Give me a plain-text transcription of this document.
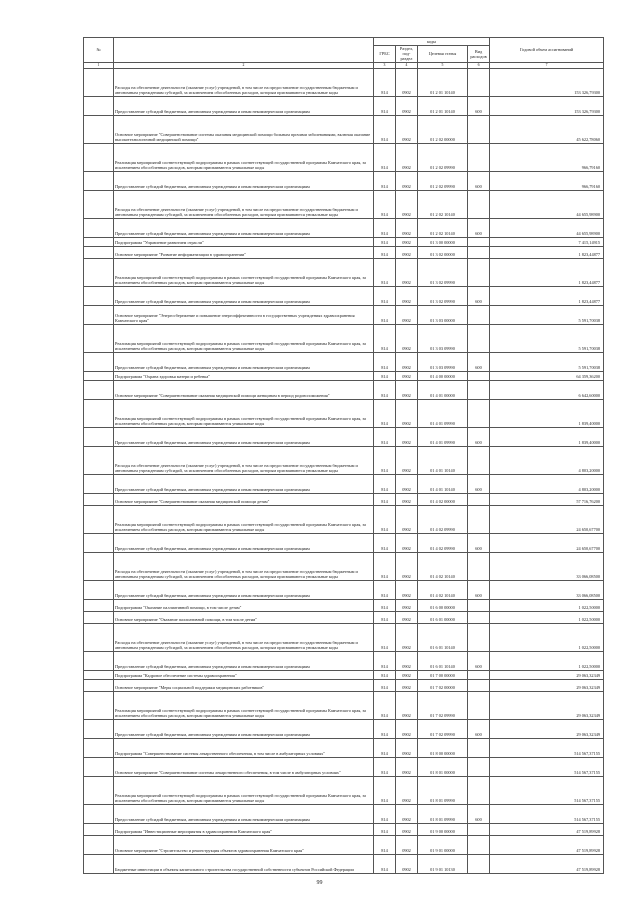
№		коды				Годовой объем ассигнований
		ГРБС	Раздел, под-раздел	Целевая статья	Вид расходов	
1	2	3	4	5	6	7
	Расходы на обеспечение деятельности (оказание услуг) учреждений, в том числе на предоставление государственным бюджетным и автономным учреждениям субсидий, за исключением обособленных расходов, которым присваиваются уникальные коды	814	0902	01 2 01 10140		153 326,79300
	Предоставление субсидий бюджетным, автономным учреждениям и иным некоммерческим организациям	814	0902	01 2 01 10140	600	153 326,79300
	Основное мероприятие "Совершенствование системы оказания медицинской помощи больным прочими заболеваниями, включая оказание высокотехнологичной медицинской помощи"	814	0902	01 2 02 00000		45 622,78060
	Реализация мероприятий соответствующей подпрограммы в рамках соответствующей государственной программы Камчатского края, за исключением обособленных расходов, которым присваиваются уникальные коды	814	0902	01 2 02 09990		966,79160
	Предоставление субсидий бюджетным, автономным учреждениям и иным некоммерческим организациям	814	0902	01 2 02 09990	600	966,79160
	Расходы на обеспечение деятельности (оказание услуг) учреждений, в том числе на предоставление государственным бюджетным и автономным учреждениям субсидий, за исключением обособленных расходов, которым присваиваются уникальные коды	814	0902	01 2 02 10140		44 655,98900
	Предоставление субсидий бюджетным, автономным учреждениям и иным некоммерческим организациям	814	0902	01 2 02 10140	600	44 655,98900
	Подпрограмма "Управление развитием отрасли"	814	0902	01 3 00 00000		7 415,14915
	Основное мероприятие "Развитие информатизации в здравоохранении"	814	0902	01 3 02 00000		1 823,44877
	Реализация мероприятий соответствующей подпрограммы в рамках соответствующей государственной программы Камчатского края, за исключением обособленных расходов, которым присваиваются уникальные коды	814	0902	01 3 02 09990		1 823,44877
	Предоставление субсидий бюджетным, автономным учреждениям и иным некоммерческим организациям	814	0902	01 3 02 09990	600	1 823,44877
	Основное мероприятие "Энергосбережение и повышение энергоэффективности в государственных учреждениях здравоохранения Камчатского края"	814	0902	01 3 03 00000		5 591,70038
	Реализация мероприятий соответствующей подпрограммы в рамках соответствующей государственной программы Камчатского края, за исключением обособленных расходов, которым присваиваются уникальные коды	814	0902	01 3 03 09990		5 591,70038
	Предоставление субсидий бюджетным, автономным учреждениям и иным некоммерческим организациям	814	0902	01 3 03 09990	600	5 591,70038
	Подпрограмма "Охрана здоровья матери и ребенка"	814	0902	01 4 00 00000		64 359,36200
	Основное мероприятие "Совершенствование оказания медицинской помощи женщинам в период родовспоможения"	814	0902	01 4 01 00000		6 642,60000
	Реализация мероприятий соответствующей подпрограммы в рамках соответствующей государственной программы Камчатского края, за исключением обособленных расходов, которым присваиваются уникальные коды	814	0902	01 4 01 09990		1 839,40000
	Предоставление субсидий бюджетным, автономным учреждениям и иным некоммерческим организациям	814	0902	01 4 01 09990	600	1 839,40000
	Расходы на обеспечение деятельности (оказание услуг) учреждений, в том числе на предоставление государственным бюджетным и автономным учреждениям субсидий, за исключением обособленных расходов, которым присваиваются уникальные коды	814	0902	01 4 01 10140		4 803,20000
	Предоставление субсидий бюджетным, автономным учреждениям и иным некоммерческим организациям	814	0902	01 4 01 10140	600	4 803,20000
	Основное мероприятие "Совершенствование оказания медицинской помощи детям"	814	0902	01 4 02 00000		57 716,76200
	Реализация мероприятий соответствующей подпрограммы в рамках соответствующей государственной программы Камчатского края, за исключением обособленных расходов, которым присваиваются уникальные коды	814	0902	01 4 02 09990		24 650,67700
	Предоставление субсидий бюджетным, автономным учреждениям и иным некоммерческим организациям	814	0902	01 4 02 09990	600	24 650,67700
	Расходы на обеспечение деятельности (оказание услуг) учреждений, в том числе на предоставление государственным бюджетным и автономным учреждениям субсидий, за исключением обособленных расходов, которым присваиваются уникальные коды	814	0902	01 4 02 10140		33 066,08500
	Предоставление субсидий бюджетным, автономным учреждениям и иным некоммерческим организациям	814	0902	01 4 02 10140	600	33 066,08500
	Подпрограмма "Оказание паллиативной помощи, в том числе детям"	814	0902	01 6 00 00000		1 022,50000
	Основное мероприятие "Оказание паллиативной помощи, в том числе детям"	814	0902	01 6 01 00000		1 022,50000
	Расходы на обеспечение деятельности (оказание услуг) учреждений, в том числе на предоставление государственным бюджетным и автономным учреждениям субсидий, за исключением обособленных расходов, которым присваиваются уникальные коды	814	0902	01 6 01 10140		1 022,50000
	Предоставление субсидий бюджетным, автономным учреждениям и иным некоммерческим организациям	814	0902	01 6 01 10140	600	1 022,50000
	Подпрограмма "Кадровое обеспечение системы здравоохранения"	814	0902	01 7 00 00000		29 063,32349
	Основное мероприятие "Меры социальной поддержки медицинских работников"	814	0902	01 7 02 00000		29 063,32349
	Реализация мероприятий соответствующей подпрограммы в рамках соответствующей государственной программы Камчатского края, за исключением обособленных расходов, которым присваиваются уникальные коды	814	0902	01 7 02 09990		29 063,32349
	Предоставление субсидий бюджетным, автономным учреждениям и иным некоммерческим организациям	814	0902	01 7 02 09990	600	29 063,32349
	Подпрограмма "Совершенствование системы лекарственного обеспечения, в том числе в амбулаторных условиях"	814	0902	01 8 00 00000		514 567,37155
	Основное мероприятие "Совершенствование системы лекарственного обеспечения, в том числе в амбулаторных условиях"	814	0902	01 8 01 00000		514 567,37155
	Реализация мероприятий соответствующей подпрограммы в рамках соответствующей государственной программы Камчатского края, за исключением обособленных расходов, которым присваиваются уникальные коды	814	0902	01 8 01 09990		514 567,37155
	Предоставление субсидий бюджетным, автономным учреждениям и иным некоммерческим организациям	814	0902	01 8 01 09990	600	514 567,37155
	Подпрограмма "Инвестиционные мероприятия в здравоохранении Камчатского края"	814	0902	01 9 00 00000		47 519,89928
	Основное мероприятие "Строительство и реконструкция объектов здравоохранения Камчатского края"	814	0902	01 9 01 00000		47 519,89928
	Бюджетные инвестиции в объекты капитального строительства государственной собственности субъектов Российской Федерации	814	0902	01 9 01 10130		47 519,89928
99
